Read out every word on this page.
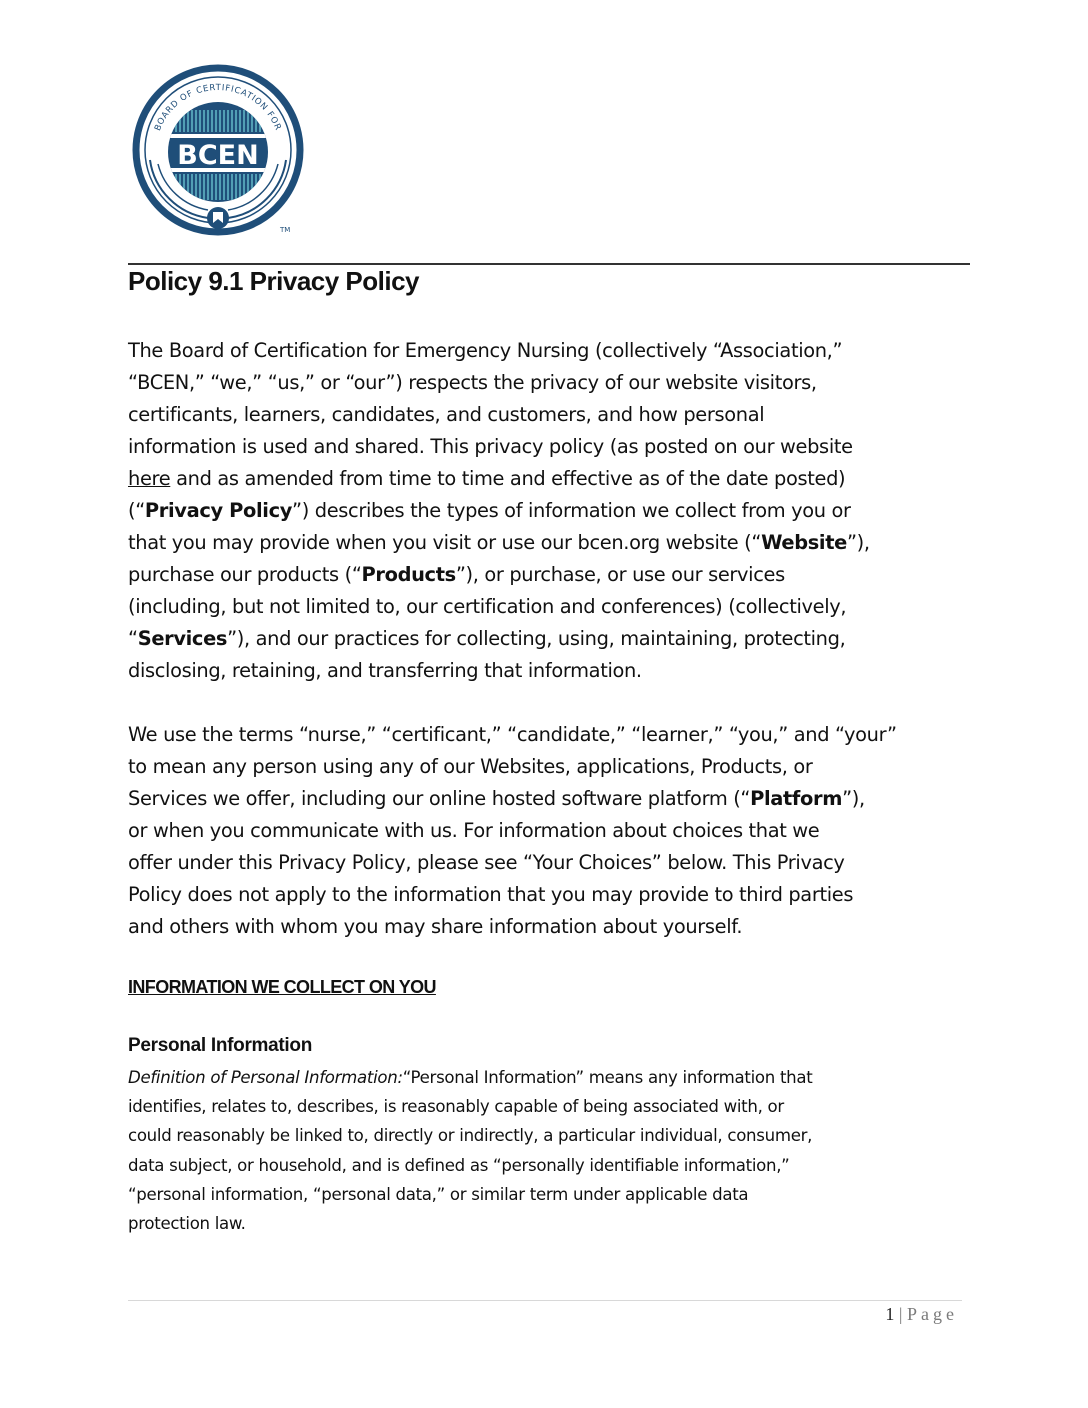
BOARD OF CERTIFICATION FOR
BCEN
TM
Policy 9.1 Privacy Policy
The Board of Certification for Emergency Nursing (collectively “Association,”
“BCEN,” “we,” “us,” or “our”) respects the privacy of our website visitors,
certificants, learners, candidates, and customers, and how personal
information is used and shared. This privacy policy (as posted on our website
here and as amended from time to time and effective as of the date posted)
(“Privacy Policy”) describes the types of information we collect from you or
that you may provide when you visit or use our bcen.org website (“Website”),
purchase our products (“Products”), or purchase, or use our services
(including, but not limited to, our certification and conferences) (collectively,
“Services”), and our practices for collecting, using, maintaining, protecting,
disclosing, retaining, and transferring that information.
We use the terms “nurse,” “certificant,” “candidate,” “learner,” “you,” and “your”
to mean any person using any of our Websites, applications, Products, or
Services we offer, including our online hosted software platform (“Platform”),
or when you communicate with us. For information about choices that we
offer under this Privacy Policy, please see “Your Choices” below. This Privacy
Policy does not apply to the information that you may provide to third parties
and others with whom you may share information about yourself.
INFORMATION WE COLLECT ON YOU
Personal Information
Definition of Personal Information:“Personal Information” means any information that
identifies, relates to, describes, is reasonably capable of being associated with, or
could reasonably be linked to, directly or indirectly, a particular individual, consumer,
data subject, or household, and is defined as “personally identifiable information,”
“personal information, “personal data,” or similar term under applicable data
protection law.
1 | Page
